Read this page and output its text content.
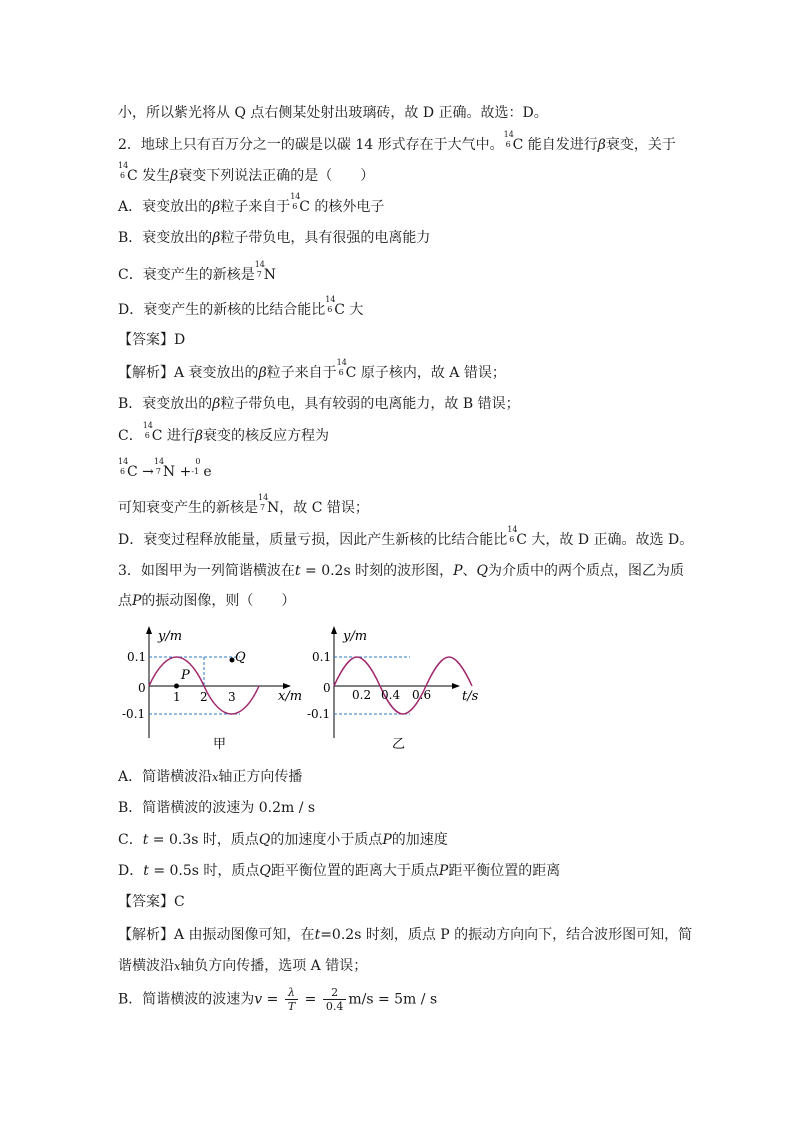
小，所以紫光将从 Q 点右侧某处射出玻璃砖，故 D 正确。故选：D。
2．地球上只有百万分之一的碳是以碳 14 形式存在于大气中。
14
6 C 能自发进行β衰变，关于
14
6 C 发生β衰变下列说法正确的是（　　）
A．衰变放出的β粒子来自于
14
6 C 的核外电子
B．衰变放出的β粒子带负电，具有很强的电离能力
C．衰变产生的新核是
14
7 N
D．衰变产生的新核的比结合能比
14
6 C 大
【答案】D
【解析】A 衰变放出的β粒子来自于
14
6 C 原子核内，故 A 错误；
B．衰变放出的β粒子带负电，具有较弱的电离能力，故 B 错误；
C．
14
6 C 进行β衰变的核反应方程为
14
6 C →
14
7 N +
0
-1 e
可知衰变产生的新核是
14
7 N，故 C 错误；
D．衰变过程释放能量，质量亏损，因此产生新核的比结合能比
14
6 C 大，故 D 正确。故选 D。
3．如图甲为一列简谐横波在t = 0.2s 时刻的波形图，P、Q为介质中的两个质点，图乙为质
点P的振动图像，则（　　）
y/m
x/m
0.1
0
-0.1
1 2 3
P
Q
甲
y/m
t/s
0.1
0
-0.1
0.2 0.4 0.6
乙
A．简谐横波沿x轴正方向传播
B．简谐横波的波速为 0.2m / s
C．t = 0.3s 时，质点Q的加速度小于质点P的加速度
D．t = 0.5s 时，质点Q距平衡位置的距离大于质点P距平衡位置的距离
【答案】C
【解析】A 由振动图像可知，在t=0.2s 时刻，质点 P 的振动方向向下，结合波形图可知，简
谐横波沿x轴负方向传播，选项 A 错误；
B．简谐横波的波速为$v = \frac{\lambda}{T} = \frac{2}{0.4} m/s = 5m / s$
